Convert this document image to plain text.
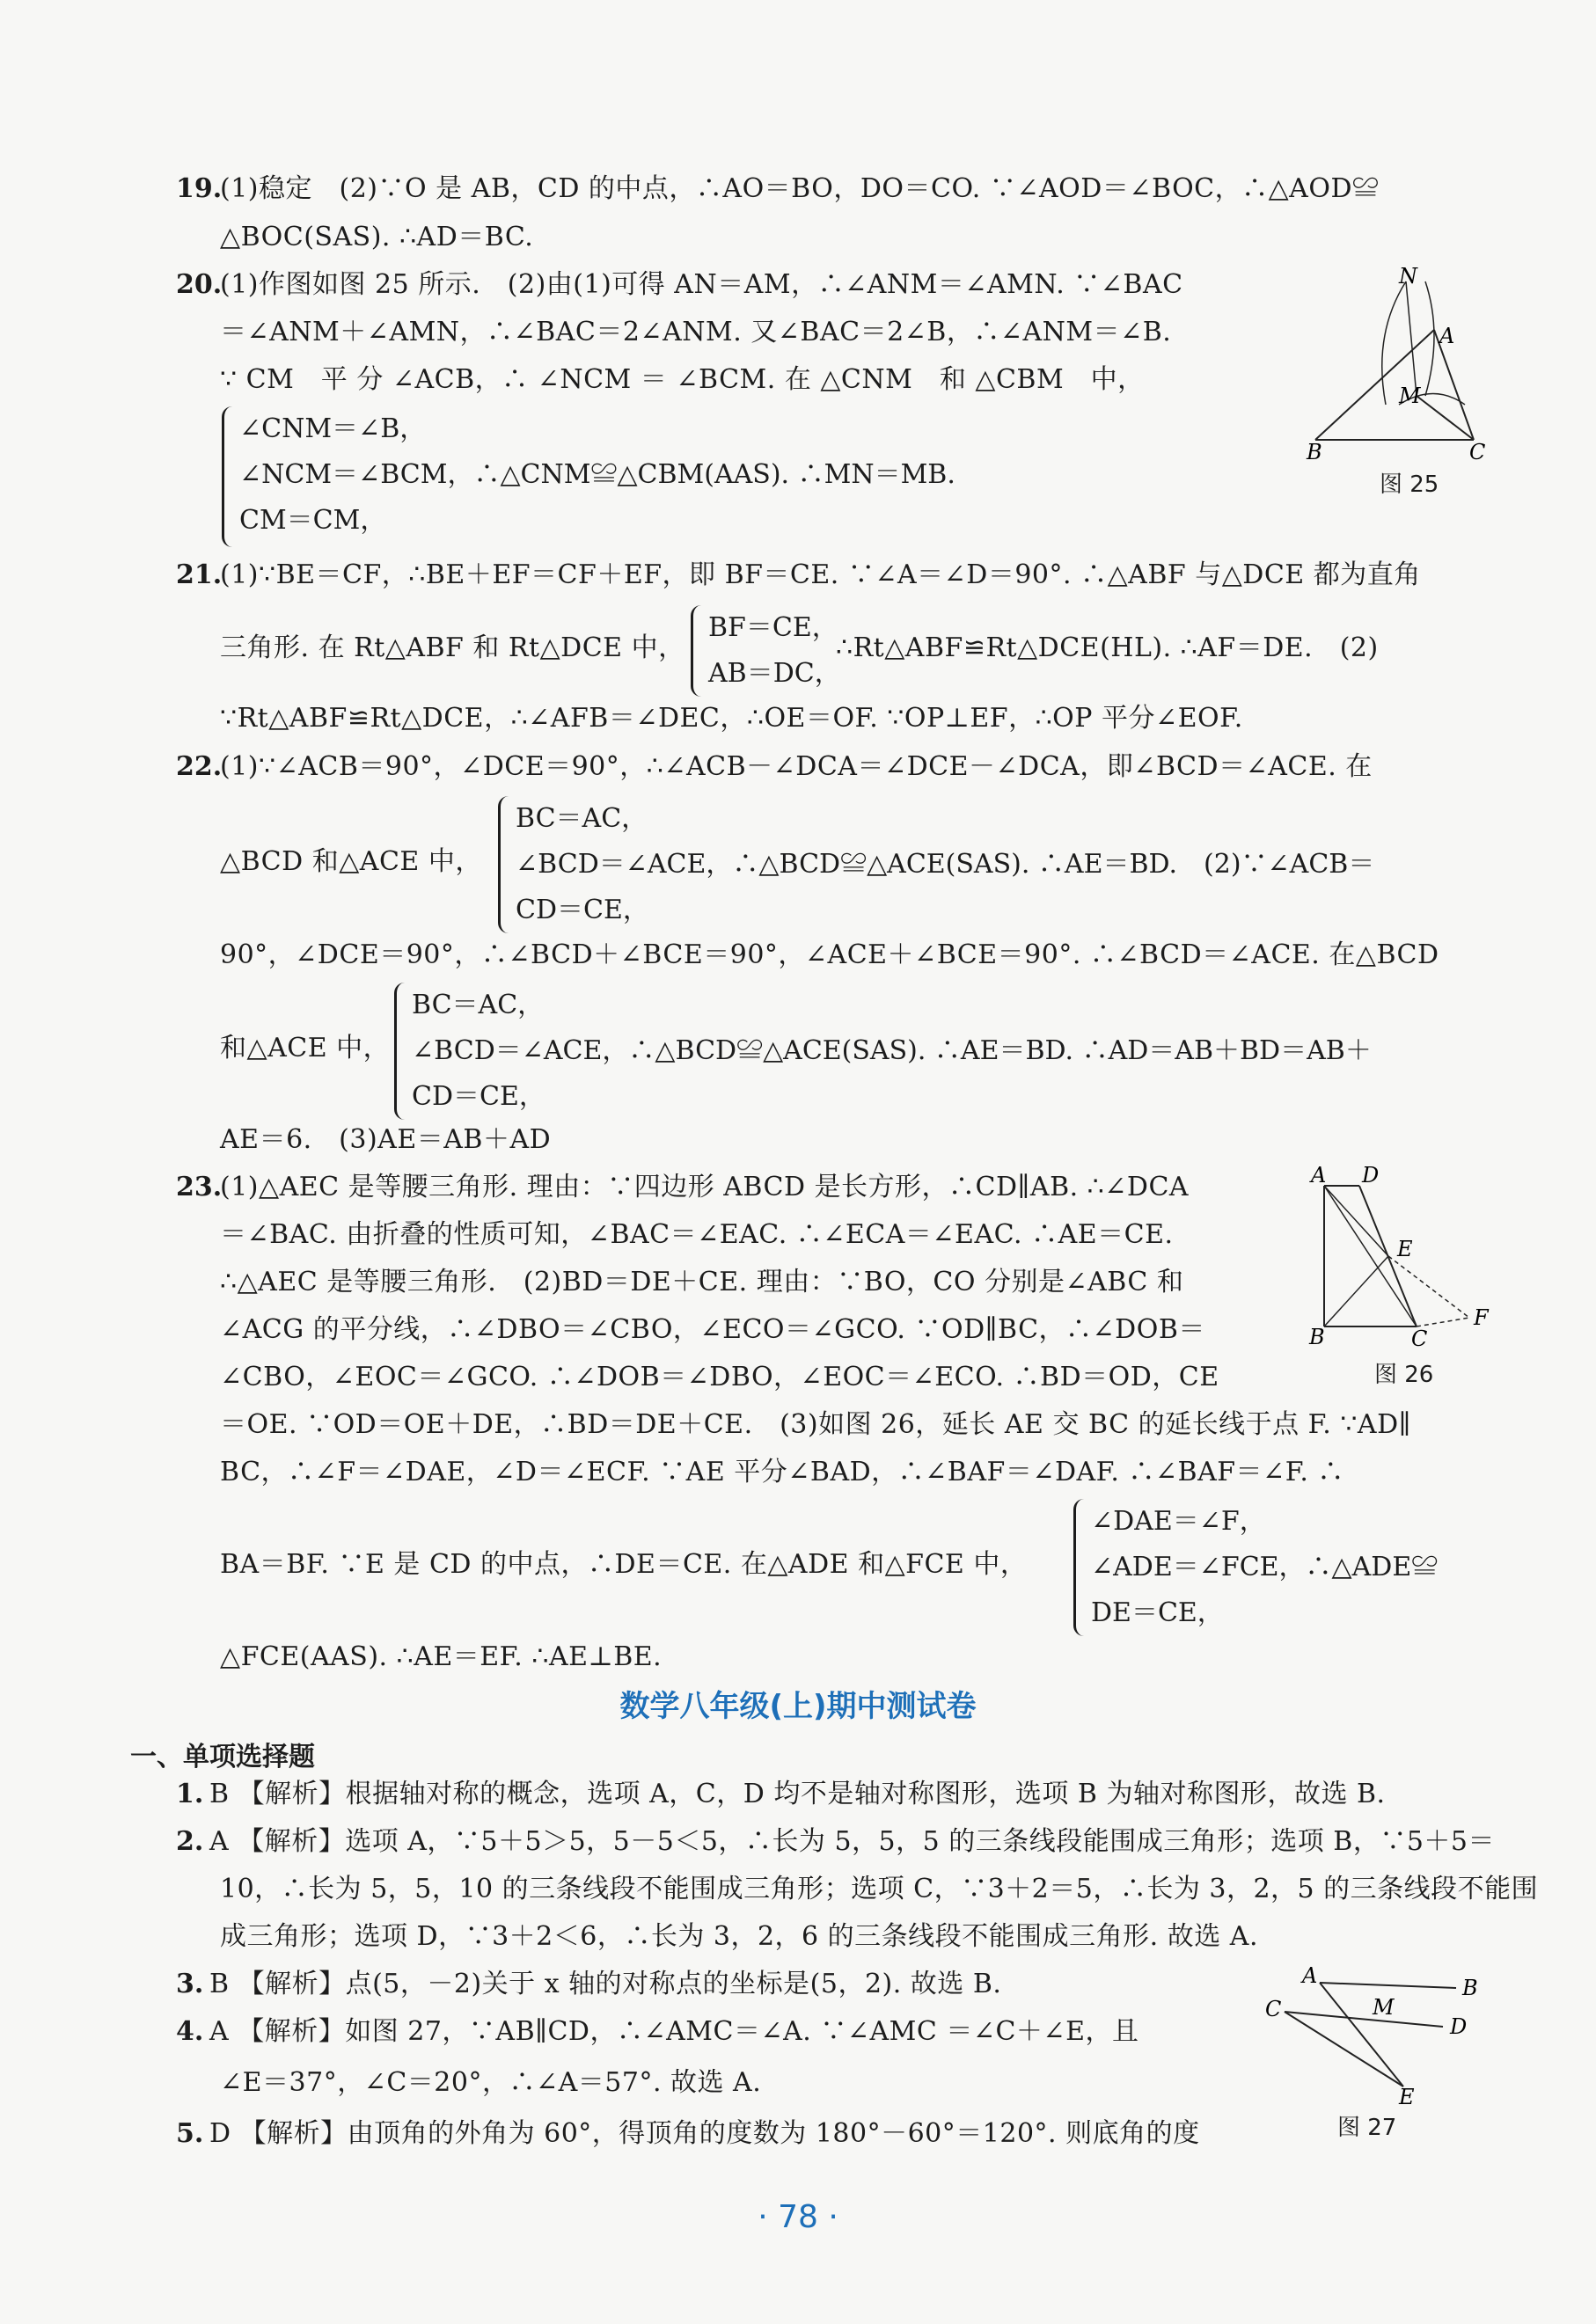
19.
(1)稳定　(2)∵O 是 AB，CD 的中点，∴AO＝BO，DO＝CO. ∵∠AOD＝∠BOC，∴△AOD≌
△BOC(SAS). ∴AD＝BC.
20.
(1)作图如图 25 所示.　(2)由(1)可得 AN＝AM，∴∠ANM＝∠AMN. ∵∠BAC
＝∠ANM＋∠AMN，∴∠BAC＝2∠ANM. 又∠BAC＝2∠B，∴∠ANM＝∠B.
∵ CM　平 分 ∠ACB，∴ ∠NCM ＝ ∠BCM. 在 △CNM　和 △CBM　中，
∠CNM＝∠B，
∠NCM＝∠BCM，∴△CNM≌△CBM(AAS). ∴MN＝MB.
CM＝CM，
N
A
M
B	C
图 25
21.
(1)∵BE＝CF，∴BE＋EF＝CF＋EF，即 BF＝CE. ∵∠A＝∠D＝90°. ∴△ABF 与△DCE 都为直角
三角形. 在 Rt△ABF 和 Rt△DCE 中，
BF＝CE，
AB＝DC，
∴Rt△ABF≌Rt△DCE(HL). ∴AF＝DE.　(2)
∵Rt△ABF≌Rt△DCE，∴∠AFB＝∠DEC，∴OE＝OF. ∵OP⊥EF，∴OP 平分∠EOF.
22.
(1)∵∠ACB＝90°，∠DCE＝90°，∴∠ACB－∠DCA＝∠DCE－∠DCA，即∠BCD＝∠ACE. 在
△BCD 和△ACE 中，
BC＝AC，
∠BCD＝∠ACE，∴△BCD≌△ACE(SAS). ∴AE＝BD.　(2)∵∠ACB＝
CD＝CE，
90°，∠DCE＝90°，∴∠BCD＋∠BCE＝90°，∠ACE＋∠BCE＝90°. ∴∠BCD＝∠ACE. 在△BCD
和△ACE 中，
BC＝AC，
∠BCD＝∠ACE，∴△BCD≌△ACE(SAS). ∴AE＝BD. ∴AD＝AB＋BD＝AB＋
CD＝CE，
AE＝6.　(3)AE＝AB＋AD
23.
(1)△AEC 是等腰三角形. 理由：∵四边形 ABCD 是长方形，∴CD∥AB. ∴∠DCA
＝∠BAC. 由折叠的性质可知，∠BAC＝∠EAC. ∴∠ECA＝∠EAC. ∴AE＝CE.
∴△AEC 是等腰三角形.　(2)BD＝DE＋CE. 理由：∵BO，CO 分别是∠ABC 和
∠ACG 的平分线，∴∠DBO＝∠CBO，∠ECO＝∠GCO. ∵OD∥BC，∴∠DOB＝
∠CBO，∠EOC＝∠GCO. ∴∠DOB＝∠DBO，∠EOC＝∠ECO. ∴BD＝OD，CE
＝OE. ∵OD＝OE＋DE，∴BD＝DE＋CE.　(3)如图 26，延长 AE 交 BC 的延长线于点 F. ∵AD∥
BC，∴∠F＝∠DAE，∠D＝∠ECF. ∵AE 平分∠BAD，∴∠BAF＝∠DAF. ∴∠BAF＝∠F. ∴
BA＝BF. ∵E 是 CD 的中点，∴DE＝CE. 在△ADE 和△FCE 中，
∠DAE＝∠F，
∠ADE＝∠FCE，∴△ADE≌
DE＝CE，
△FCE(AAS). ∴AE＝EF. ∴AE⊥BE.
A D
E
F
B	C
图 26
数学八年级(上)期中测试卷
一、单项选择题
1. B 【解析】根据轴对称的概念，选项 A，C，D 均不是轴对称图形，选项 B 为轴对称图形，故选 B.
2. A 【解析】选项 A，∵5＋5＞5，5－5＜5，∴长为 5，5，5 的三条线段能围成三角形；选项 B，∵5＋5＝
10，∴长为 5，5，10 的三条线段不能围成三角形；选项 C，∵3＋2＝5，∴长为 3，2，5 的三条线段不能围
成三角形；选项 D，∵3＋2＜6，∴长为 3，2，6 的三条线段不能围成三角形. 故选 A.
3. B 【解析】点(5，－2)关于 x 轴的对称点的坐标是(5，2). 故选 B.
4. A 【解析】如图 27，∵AB∥CD，∴∠AMC＝∠A. ∵∠AMC ＝∠C＋∠E，且
∠E＝37°，∠C＝20°，∴∠A＝57°. 故选 A.
5. D 【解析】由顶角的外角为 60°，得顶角的度数为 180°－60°＝120°. 则底角的度
A	B
C	M
D
E
图 27
· 78 ·
